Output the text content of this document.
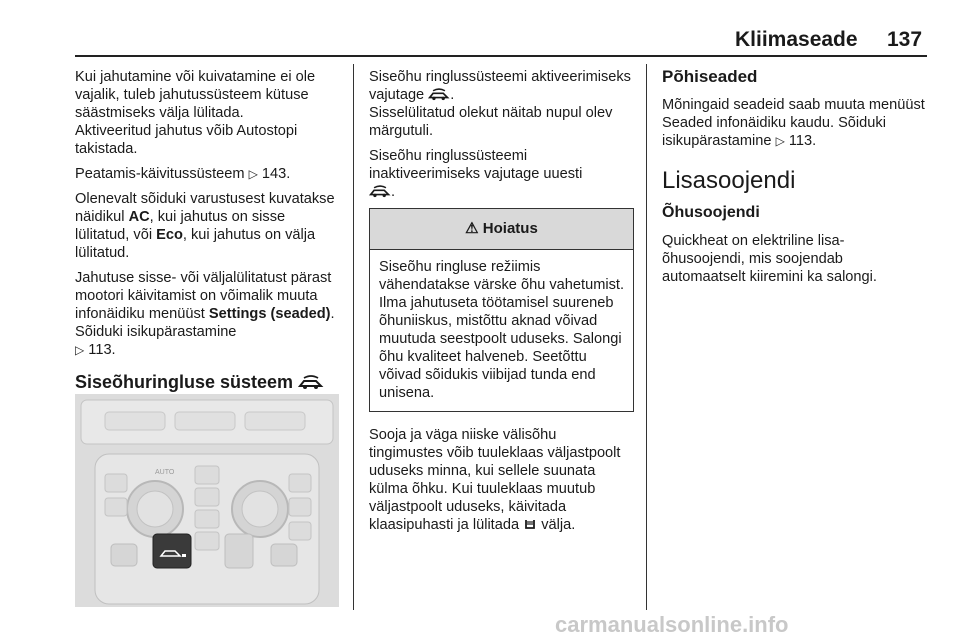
Kliimaseade 137

Kui jahutamine või kuivatamine ei ole vajalik, tuleb jahutussüsteem kütuse säästmiseks välja lülitada.
Aktiveeritud jahutus võib Autostopi takistada.

Peatamis-käivitussüsteem ▷ 143.

Olenevalt sõiduki varustusest kuvatakse näidikul AC, kui jahutus on sisse lülitatud, või Eco, kui jahutus on välja lülitatud.

Jahutuse sisse- või väljalülitatust pärast mootori käivitamist on võimalik muuta infonäidiku menüüst Settings (seaded). Sõiduki isikupärastamine
▷ 113.

Siseõhuringluse süsteem
AUTO

Siseõhu ringlussüsteemi aktiveerimiseks vajutage .
Sisselülitatud olekut näitab nupul olev märgutuli.

Siseõhu ringlussüsteemi inaktiveerimiseks vajutage uuesti
.

⚠ Hoiatus
Siseõhu ringluse režiimis vähendatakse värske õhu vahetumist. Ilma jahutuseta töötamisel suureneb õhuniiskus, mistõttu aknad võivad muutuda seestpoolt uduseks. Salongi õhu kvaliteet halveneb. Seetõttu võivad sõidukis viibijad tunda end unisena.

Sooja ja väga niiske välisõhu tingimustes võib tuuleklaas väljastpoolt uduseks minna, kui sellele suunata külma õhku. Kui tuuleklaas muutub väljastpoolt uduseks, käivitada klaasipuhasti ja lülitada välja.

Põhiseaded

Mõningaid seadeid saab muuta menüüst Seaded infonäidiku kaudu. Sõiduki isikupärastamine ▷ 113.

Lisasoojendi
Õhusoojendi

Quickheat on elektriline lisa-õhusoojendi, mis soojendab automaatselt kiiremini ka salongi.

carmanualsonline.info
